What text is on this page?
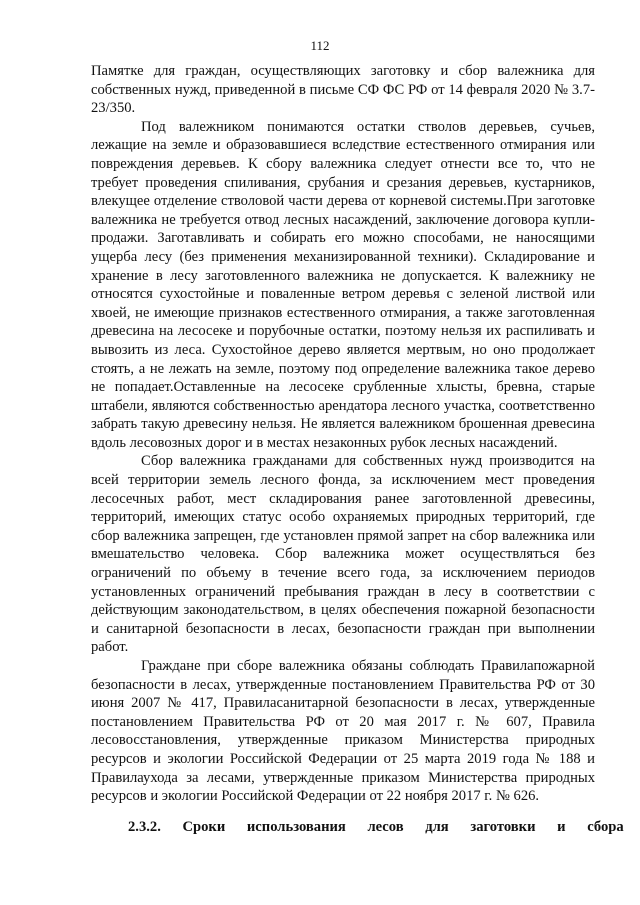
112

Памятке для граждан, осуществляющих заготовку и сбор валежника для собственных нужд, приведенной в письме СФ ФС РФ от 14 февраля 2020 № 3.7-23/350.

Под валежником понимаются остатки стволов деревьев, сучьев, лежащие на земле и образовавшиеся вследствие естественного отмирания или повреждения деревьев. К сбору валежника следует отнести все то, что не требует проведения спиливания, срубания и срезания деревьев, кустарников, влекущее отделение стволовой части дерева от корневой системы.При заготовке валежника не требуется отвод лесных насаждений, заключение договора купли-продажи. Заготавливать и собирать его можно способами, не наносящими ущерба лесу (без применения механизированной техники). Складирование и хранение в лесу заготовленного валежника не допускается. К валежнику не относятся сухостойные и поваленные ветром деревья с зеленой листвой или хвоей, не имеющие признаков естественного отмирания, а также заготовленная древесина на лесосеке и порубочные остатки, поэтому нельзя их распиливать и вывозить из леса. Сухостойное дерево является мертвым, но оно продолжает стоять, а не лежать на земле, поэтому под определение валежника такое дерево не попадает.Оставленные на лесосеке срубленные хлысты, бревна, старые штабели, являются собственностью арендатора лесного участка, соответственно забрать такую древесину нельзя. Не является валежником брошенная древесина вдоль лесовозных дорог и в местах незаконных рубок лесных насаждений.

Сбор валежника гражданами для собственных нужд производится на всей территории земель лесного фонда, за исключением мест проведения лесосечных работ, мест складирования ранее заготовленной древесины, территорий, имеющих статус особо охраняемых природных территорий, где сбор валежника запрещен, где установлен прямой запрет на сбор валежника или вмешательство человека. Сбор валежника может осуществляться без ограничений по объему в течение всего года, за исключением периодов установленных ограничений пребывания граждан в лесу в соответствии с действующим законодательством, в целях обеспечения пожарной безопасности и санитарной безопасности в лесах, безопасности граждан при выполнении работ.

Граждане при сборе валежника обязаны соблюдать Правилапожарной безопасности в лесах, утвержденные постановлением Правительства РФ от 30 июня 2007 № 417, Правиласанитарной безопасности в лесах, утвержденные постановлением Правительства РФ от 20 мая 2017 г. № 607, Правила лесовосстановления, утвержденные приказом Министерства природных ресурсов и экологии Российской Федерации от 25 марта 2019 года № 188 и Правилаухода за лесами, утвержденные приказом Министерства природных ресурсов и экологии Российской Федерации от 22 ноября 2017 г. № 626.

2.3.2. Сроки использования лесов для заготовки и сбора
